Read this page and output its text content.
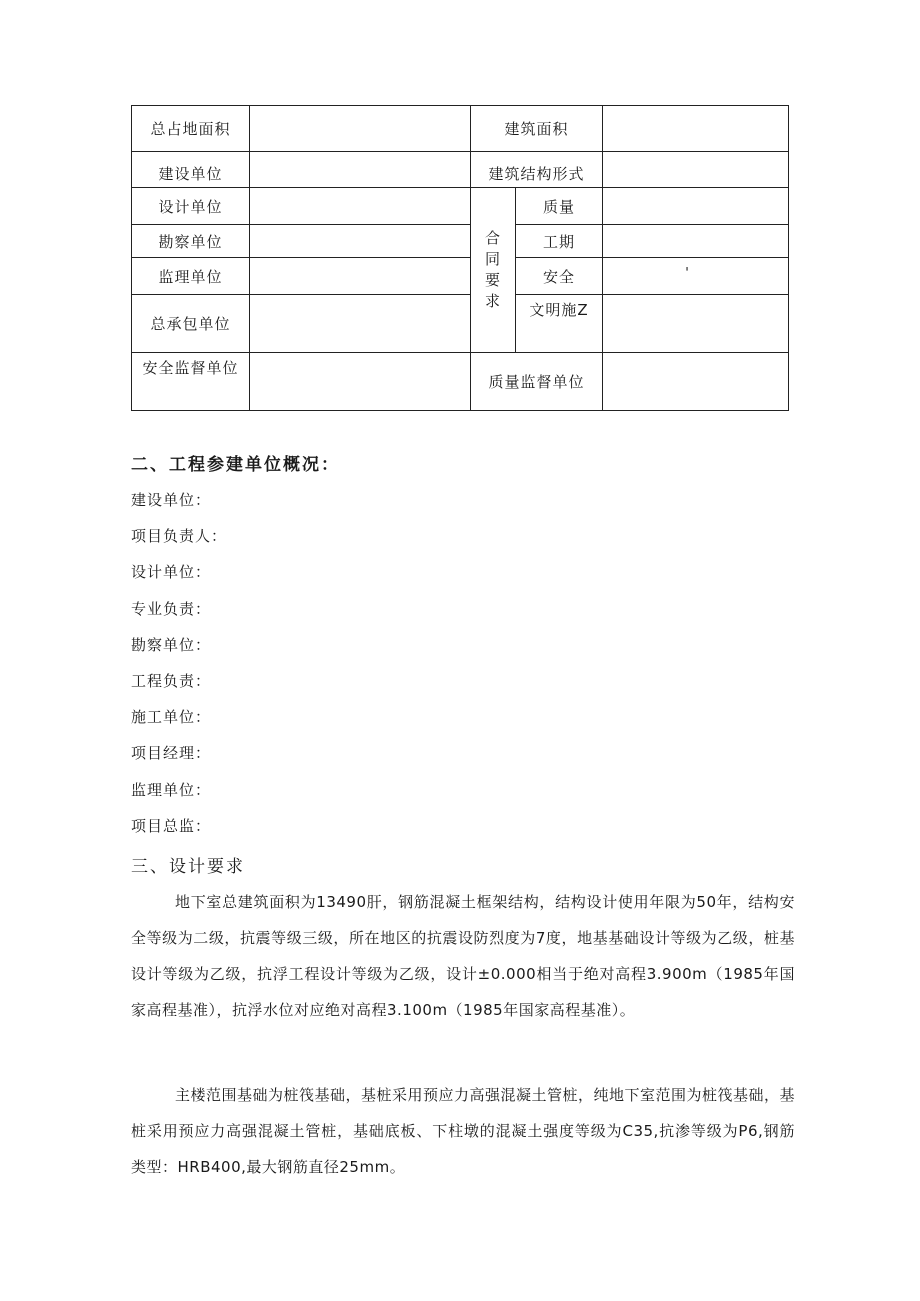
总占地面积		建筑面积		
建设单位		建筑结构形式		
设计单位		合同要求	质量	
勘察单位			工期	
监理单位			安全	'
总承包单位			文明施Z	
安全监督单位		质量监督单位		
二、工程参建单位概况：
建设单位：
项目负责人：
设计单位：
专业负责：
勘察单位：
工程负责：
施工单位：
项目经理：
监理单位：
项目总监：
三、设计要求

地下室总建筑面积为13490肝，钢筋混凝土框架结构，结构设计使用年限为50年，结构安全等级为二级，抗震等级三级，所在地区的抗震设防烈度为7度，地基基础设计等级为乙级，桩基设计等级为乙级，抗浮工程设计等级为乙级，设计±0.000相当于绝对高程3.900m（1985年国家高程基准），抗浮水位对应绝对高程3.100m（1985年国家高程基准）。

主楼范围基础为桩筏基础，基桩采用预应力高强混凝土管桩，纯地下室范围为桩筏基础，基桩采用预应力高强混凝土管桩，基础底板、下柱墩的混凝土强度等级为C35,抗渗等级为P6,钢筋类型：HRB400,最大钢筋直径25mm。
